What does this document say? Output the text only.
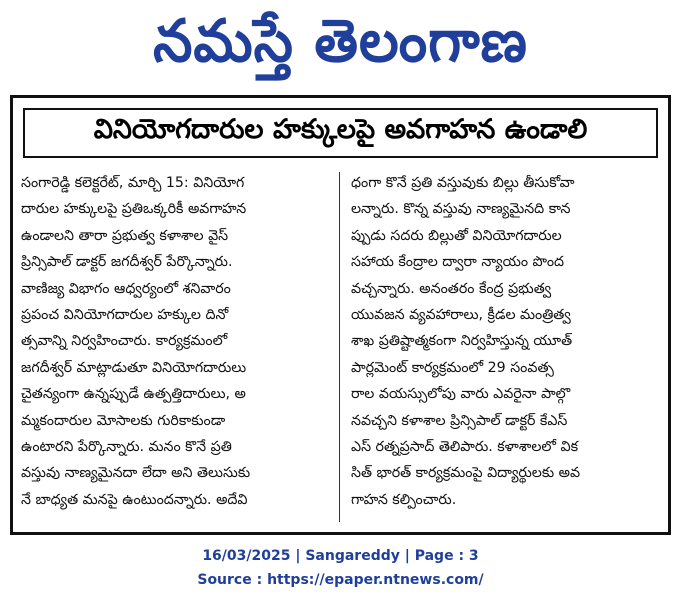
నమస్తే తెలంగాణ
వినియోగదారుల హక్కులపై అవగాహన ఉండాలి
సంగారెడ్డి కలెక్టరేట్, మార్చి 15: వినియోగ
దారుల హక్కులపై ప్రతిఒక్కరికీ అవగాహన
ఉండాలని తారా ప్రభుత్వ కళాశాల వైస్
ప్రిన్సిపాల్ డాక్టర్ జగదీశ్వర్ పేర్కొన్నారు.
వాణిజ్య విభాగం ఆధ్వర్యంలో శనివారం
ప్రపంచ వినియోగదారుల హక్కుల దినో
త్సవాన్ని నిర్వహించారు. కార్యక్రమంలో
జగదీశ్వర్ మాట్లాడుతూ వినియోగదారులు
చైతన్యంగా ఉన్నప్పుడే ఉత్పత్తిదారులు, అ
మ్మకందారుల మోసాలకు గురికాకుండా
ఉంటారని పేర్కొన్నారు. మనం కొనే ప్రతి
వస్తువు నాణ్యమైనదా లేదా అని తెలుసుకు
నే బాధ్యత మనపై ఉంటుందన్నారు. అదేవి
ధంగా కొనే ప్రతి వస్తువుకు బిల్లు తీసుకోవా
లన్నారు. కొన్న వస్తువు నాణ్యమైనది కాన
ప్పుడు సదరు బిల్లుతో వినియోగదారుల
సహాయ కేంద్రాల ద్వారా న్యాయం పొంద
వచ్చన్నారు. అనంతరం కేంద్ర ప్రభుత్వ
యువజన వ్యవహారాలు, క్రీడల మంత్రిత్వ
శాఖ ప్రతిష్టాత్మకంగా నిర్వహిస్తున్న యూత్
పార్లమెంట్ కార్యక్రమంలో 29 సంవత్స
రాల వయస్సులోపు వారు ఎవరైనా పాల్గొ
నవచ్చని కళాశాల ప్రిన్సిపాల్ డాక్టర్ కేఎస్
ఎస్ రత్నప్రసాద్ తెలిపారు. కళాశాలలో విక
సిత్ భారత్ కార్యక్రమంపై విద్యార్థులకు అవ
గాహన కల్పించారు.
16/03/2025 | Sangareddy | Page : 3
Source : https://epaper.ntnews.com/
